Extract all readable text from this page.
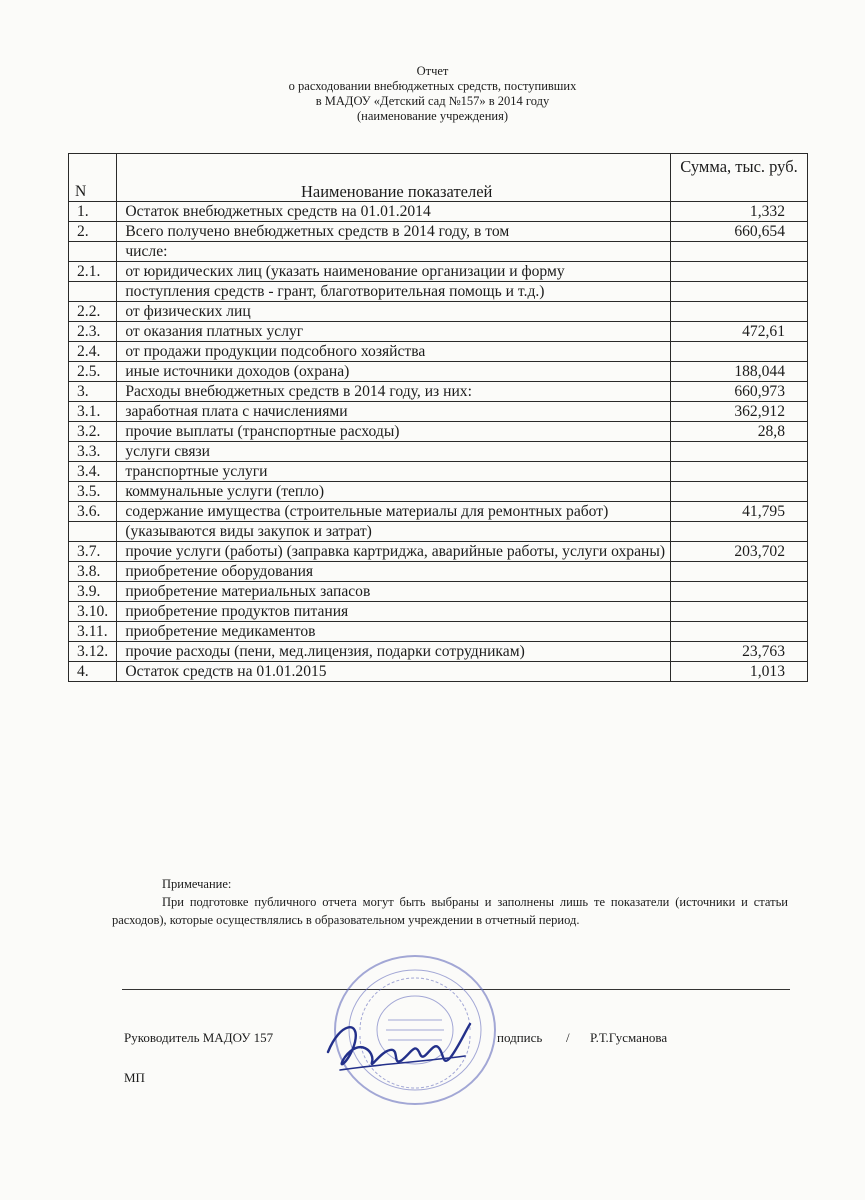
Отчет
о расходовании внебюджетных средств, поступивших
в МАДОУ «Детский сад №157» в 2014 году
(наименование учреждения)
N	Наименование показателей	Сумма, тыс. руб.
1.	Остаток внебюджетных средств на 01.01.2014	1,332
2.	Всего получено внебюджетных средств в 2014 году, в том	660,654
	числе:	
2.1.	от юридических лиц (указать наименование организации и форму	
	поступления средств - грант, благотворительная помощь и т.д.)	
2.2.	от физических лиц	
2.3.	от оказания платных услуг	472,61
2.4.	от продажи продукции подсобного хозяйства	
2.5.	иные источники доходов (охрана)	188,044
3.	Расходы внебюджетных средств в 2014 году, из них:	660,973
3.1.	заработная плата с начислениями	362,912
3.2.	прочие выплаты (транспортные расходы)	28,8
3.3.	услуги связи	
3.4.	транспортные услуги	
3.5.	коммунальные услуги (тепло)	
3.6.	содержание имущества (строительные материалы для ремонтных работ)	41,795
	(указываются виды закупок и затрат)	
3.7.	прочие услуги (работы) (заправка картриджа, аварийные работы, услуги охраны)	203,702
3.8.	приобретение оборудования	
3.9.	приобретение материальных запасов	
3.10.	приобретение продуктов питания	
3.11.	приобретение медикаментов	
3.12.	прочие расходы (пени, мед.лицензия, подарки сотрудникам)	23,763
4.	Остаток средств на 01.01.2015	1,013
Примечание:
При подготовке публичного отчета могут быть выбраны и заполнены лишь те показатели (источники и статьи расходов), которые осуществлялись в образовательном учреждении в отчетный период.
Руководитель МАДОУ 157	подпись / Р.Т.Гусманова
МП
